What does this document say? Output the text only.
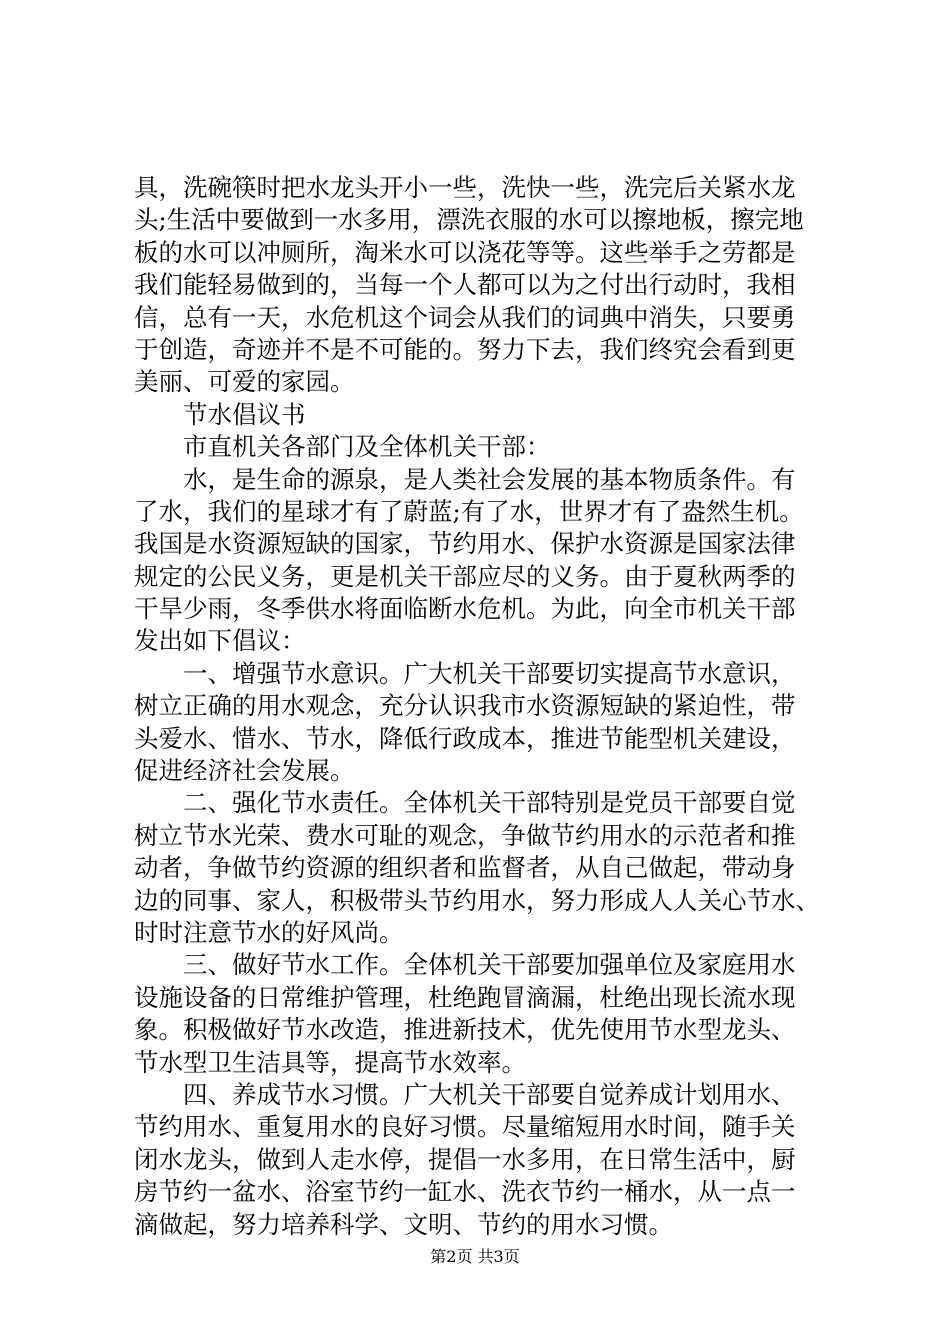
具，洗碗筷时把水龙头开小一些，洗快一些，洗完后关紧水龙
头;生活中要做到一水多用，漂洗衣服的水可以擦地板，擦完地
板的水可以冲厕所，淘米水可以浇花等等。这些举手之劳都是
我们能轻易做到的，当每一个人都可以为之付出行动时，我相
信，总有一天，水危机这个词会从我们的词典中消失，只要勇
于创造，奇迹并不是不可能的。努力下去，我们终究会看到更
美丽、可爱的家园。
　　节水倡议书
　　市直机关各部门及全体机关干部：
　　水，是生命的源泉，是人类社会发展的基本物质条件。有
了水，我们的星球才有了蔚蓝;有了水，世界才有了盎然生机。
我国是水资源短缺的国家，节约用水、保护水资源是国家法律
规定的公民义务，更是机关干部应尽的义务。由于夏秋两季的
干旱少雨，冬季供水将面临断水危机。为此，向全市机关干部
发出如下倡议：
　　一、增强节水意识。广大机关干部要切实提高节水意识，
树立正确的用水观念，充分认识我市水资源短缺的紧迫性，带
头爱水、惜水、节水，降低行政成本，推进节能型机关建设，
促进经济社会发展。
　　二、强化节水责任。全体机关干部特别是党员干部要自觉
树立节水光荣、费水可耻的观念，争做节约用水的示范者和推
动者，争做节约资源的组织者和监督者，从自己做起，带动身
边的同事、家人，积极带头节约用水，努力形成人人关心节水、
时时注意节水的好风尚。
　　三、做好节水工作。全体机关干部要加强单位及家庭用水
设施设备的日常维护管理，杜绝跑冒滴漏，杜绝出现长流水现
象。积极做好节水改造，推进新技术，优先使用节水型龙头、
节水型卫生洁具等，提高节水效率。
　　四、养成节水习惯。广大机关干部要自觉养成计划用水、
节约用水、重复用水的良好习惯。尽量缩短用水时间，随手关
闭水龙头，做到人走水停，提倡一水多用，在日常生活中，厨
房节约一盆水、浴室节约一缸水、洗衣节约一桶水，从一点一
滴做起，努力培养科学、文明、节约的用水习惯。
第2页 共3页
